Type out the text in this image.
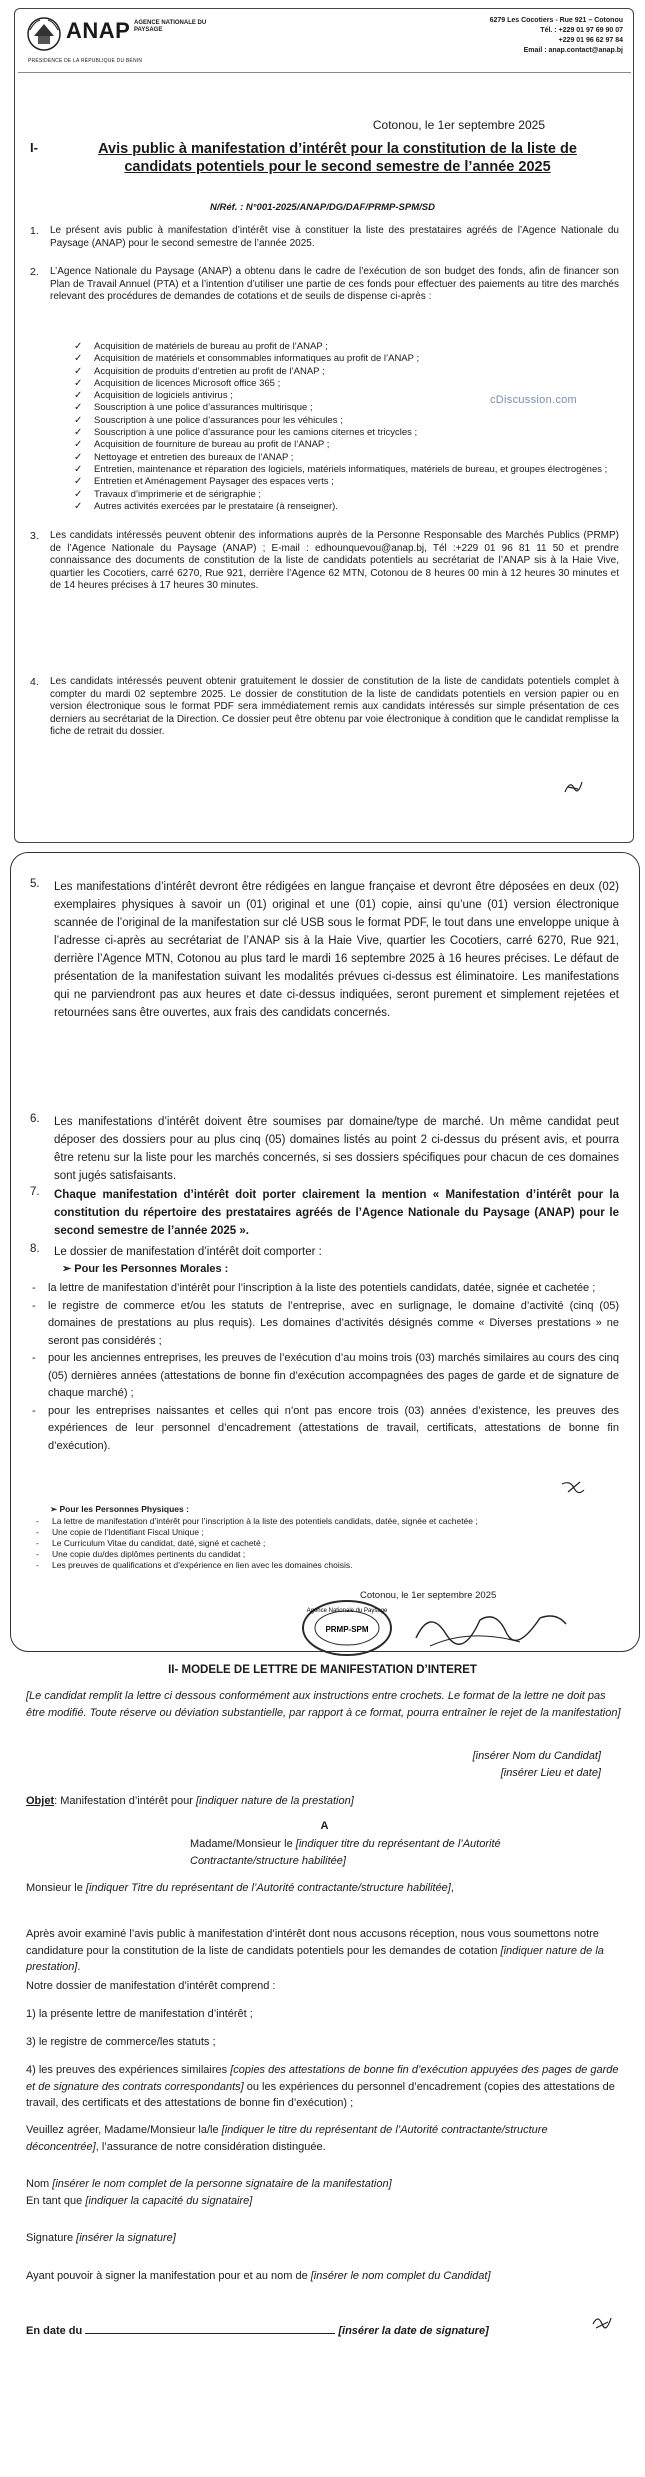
ANAP AGENCE NATIONALE DU PAYSAGE
PRÉSIDENCE DE LA RÉPUBLIQUE DU BÉNIN
6279 Les Cocotiers - Rue 921 – Cotonou
Tél. : +229 01 97 69 90 07
+229 01 96 62 97 84
Email : anap.contact@anap.bj
Cotonou, le 1er septembre 2025
I-	Avis public à manifestation d’intérêt pour la constitution de la liste de candidats potentiels pour le second semestre de l’année 2025
N/Réf. : N°001-2025/ANAP/DG/DAF/PRMP-SPM/SD
1. Le présent avis public à manifestation d’intérêt vise à constituer la liste des prestataires agréés de l’Agence Nationale du Paysage (ANAP) pour le second semestre de l’année 2025.
2. L’Agence Nationale du Paysage (ANAP) a obtenu dans le cadre de l’exécution de son budget des fonds, afin de financer son Plan de Travail Annuel (PTA) et a l’intention d’utiliser une partie de ces fonds pour effectuer des paiements au titre des marchés relevant des procédures de demandes de cotations et de seuils de dispense ci-après :
✓ Acquisition de matériels de bureau au profit de l’ANAP ;
✓ Acquisition de matériels et consommables informatiques au profit de l’ANAP ;
✓ Acquisition de produits d’entretien au profit de l’ANAP ;
✓ Acquisition de licences Microsoft office 365 ;
✓ Acquisition de logiciels antivirus ;
✓ Souscription à une police d’assurances multirisque ;
✓ Souscription à une police d’assurances pour les véhicules ;
✓ Souscription à une police d’assurance pour les camions citernes et tricycles ;
✓ Acquisition de fourniture de bureau au profit de l’ANAP ;
✓ Nettoyage et entretien des bureaux de l’ANAP ;
✓ Entretien, maintenance et réparation des logiciels, matériels informatiques, matériels de bureau, et groupes électrogènes ;
✓ Entretien et Aménagement Paysager des espaces verts ;
✓ Travaux d’imprimerie et de sérigraphie ;
✓ Autres activités exercées par le prestataire (à renseigner).
cDiscussion.com
3. Les candidats intéressés peuvent obtenir des informations auprès de la Personne Responsable des Marchés Publics (PRMP) de l’Agence Nationale du Paysage (ANAP) ; E-mail : edhounquevou@anap.bj, Tél :+229 01 96 81 11 50 et prendre connaissance des documents de constitution de la liste de candidats potentiels au secrétariat de l’ANAP sis à la Haie Vive, quartier les Cocotiers, carré 6270, Rue 921, derrière l’Agence 62 MTN, Cotonou de 8 heures 00 min à 12 heures 30 minutes et de 14 heures précises à 17 heures 30 minutes.
4. Les candidats intéressés peuvent obtenir gratuitement le dossier de constitution de la liste de candidats potentiels complet à compter du mardi 02 septembre 2025. Le dossier de constitution de la liste de candidats potentiels en version papier ou en version électronique sous le format PDF sera immédiatement remis aux candidats intéressés sur simple présentation de ces derniers au secrétariat de la Direction. Ce dossier peut être obtenu par voie électronique à condition que le candidat remplisse la fiche de retrait du dossier.
5. Les manifestations d’intérêt devront être rédigées en langue française et devront être déposées en deux (02) exemplaires physiques à savoir un (01) original et une (01) copie, ainsi qu’une (01) version électronique scannée de l’original de la manifestation sur clé USB sous le format PDF, le tout dans une enveloppe unique à l’adresse ci-après au secrétariat de l’ANAP sis à la Haie Vive, quartier les Cocotiers, carré 6270, Rue 921, derrière l’Agence MTN, Cotonou au plus tard le mardi 16 septembre 2025 à 16 heures précises. Le défaut de présentation de la manifestation suivant les modalités prévues ci-dessus est éliminatoire. Les manifestations qui ne parviendront pas aux heures et date ci-dessus indiquées, seront purement et simplement rejetées et retournées sans être ouvertes, aux frais des candidats concernés.
6. Les manifestations d’intérêt doivent être soumises par domaine/type de marché. Un même candidat peut déposer des dossiers pour au plus cinq (05) domaines listés au point 2 ci-dessus du présent avis, et pourra être retenu sur la liste pour les marchés concernés, si ses dossiers spécifiques pour chacun de ces domaines sont jugés satisfaisants.
7. Chaque manifestation d’intérêt doit porter clairement la mention « Manifestation d’intérêt pour la constitution du répertoire des prestataires agréés de l’Agence Nationale du Paysage (ANAP) pour le second semestre de l’année 2025 ».
8. Le dossier de manifestation d’intérêt doit comporter :
➢ Pour les Personnes Morales :
- la lettre de manifestation d’intérêt pour l’inscription à la liste des potentiels candidats, datée, signée et cachetée ;
- le registre de commerce et/ou les statuts de l’entreprise, avec en surlignage, le domaine d’activité (cinq (05) domaines de prestations au plus requis). Les domaines d’activités désignés comme « Diverses prestations » ne seront pas considérés ;
- pour les anciennes entreprises, les preuves de l’exécution d’au moins trois (03) marchés similaires au cours des cinq (05) dernières années (attestations de bonne fin d’exécution accompagnées des pages de garde et de signature de chaque marché) ;
- pour les entreprises naissantes et celles qui n’ont pas encore trois (03) années d’existence, les preuves des expériences de leur personnel d’encadrement (attestations de travail, certificats, attestations de bonne fin d’exécution).
➢ Pour les Personnes Physiques :
- La lettre de manifestation d’intérêt pour l’inscription à la liste des potentiels candidats, datée, signée et cachetée ;
- Une copie de l’Identifiant Fiscal Unique ;
- Le Curriculum Vitae du candidat, daté, signé et cacheté ;
- Une copie du/des diplômes pertinents du candidat ;
- Les preuves de qualifications et d’expérience en lien avec les domaines choisis.
Cotonou, le 1er septembre 2025
Agence Nationale du Paysage
PRMP-SPM
II- MODELE DE LETTRE DE MANIFESTATION D’INTERET
[Le candidat remplit la lettre ci dessous conformément aux instructions entre crochets. Le format de la lettre ne doit pas être modifié. Toute réserve ou déviation substantielle, par rapport à ce format, pourra entraîner le rejet de la manifestation]
[insérer Nom du Candidat]
[insérer Lieu et date]
Objet: Manifestation d’intérêt pour [indiquer nature de la prestation]
A
Madame/Monsieur le [indiquer titre du représentant de l’Autorité Contractante/structure habilitée]
Monsieur le [indiquer Titre du représentant de l’Autorité contractante/structure habilitée],
Après avoir examiné l’avis public à manifestation d’intérêt dont nous accusons réception, nous vous soumettons notre candidature pour la constitution de la liste de candidats potentiels pour les demandes de cotation [indiquer nature de la prestation].
Notre dossier de manifestation d’intérêt comprend :
1) la présente lettre de manifestation d’intérêt ;
3) le registre de commerce/les statuts ;
4) les preuves des expériences similaires [copies des attestations de bonne fin d’exécution appuyées des pages de garde et de signature des contrats correspondants] ou les expériences du personnel d’encadrement (copies des attestations de travail, des certificats et des attestations de bonne fin d’exécution) ;
Veuillez agréer, Madame/Monsieur la/le [indiquer le titre du représentant de l’Autorité contractante/structure déconcentrée], l’assurance de notre considération distinguée.
Nom [insérer le nom complet de la personne signataire de la manifestation]
En tant que [indiquer la capacité du signataire]
Signature [insérer la signature]
Ayant pouvoir à signer la manifestation pour et au nom de [insérer le nom complet du Candidat]
En date du	[insérer la date de signature]
